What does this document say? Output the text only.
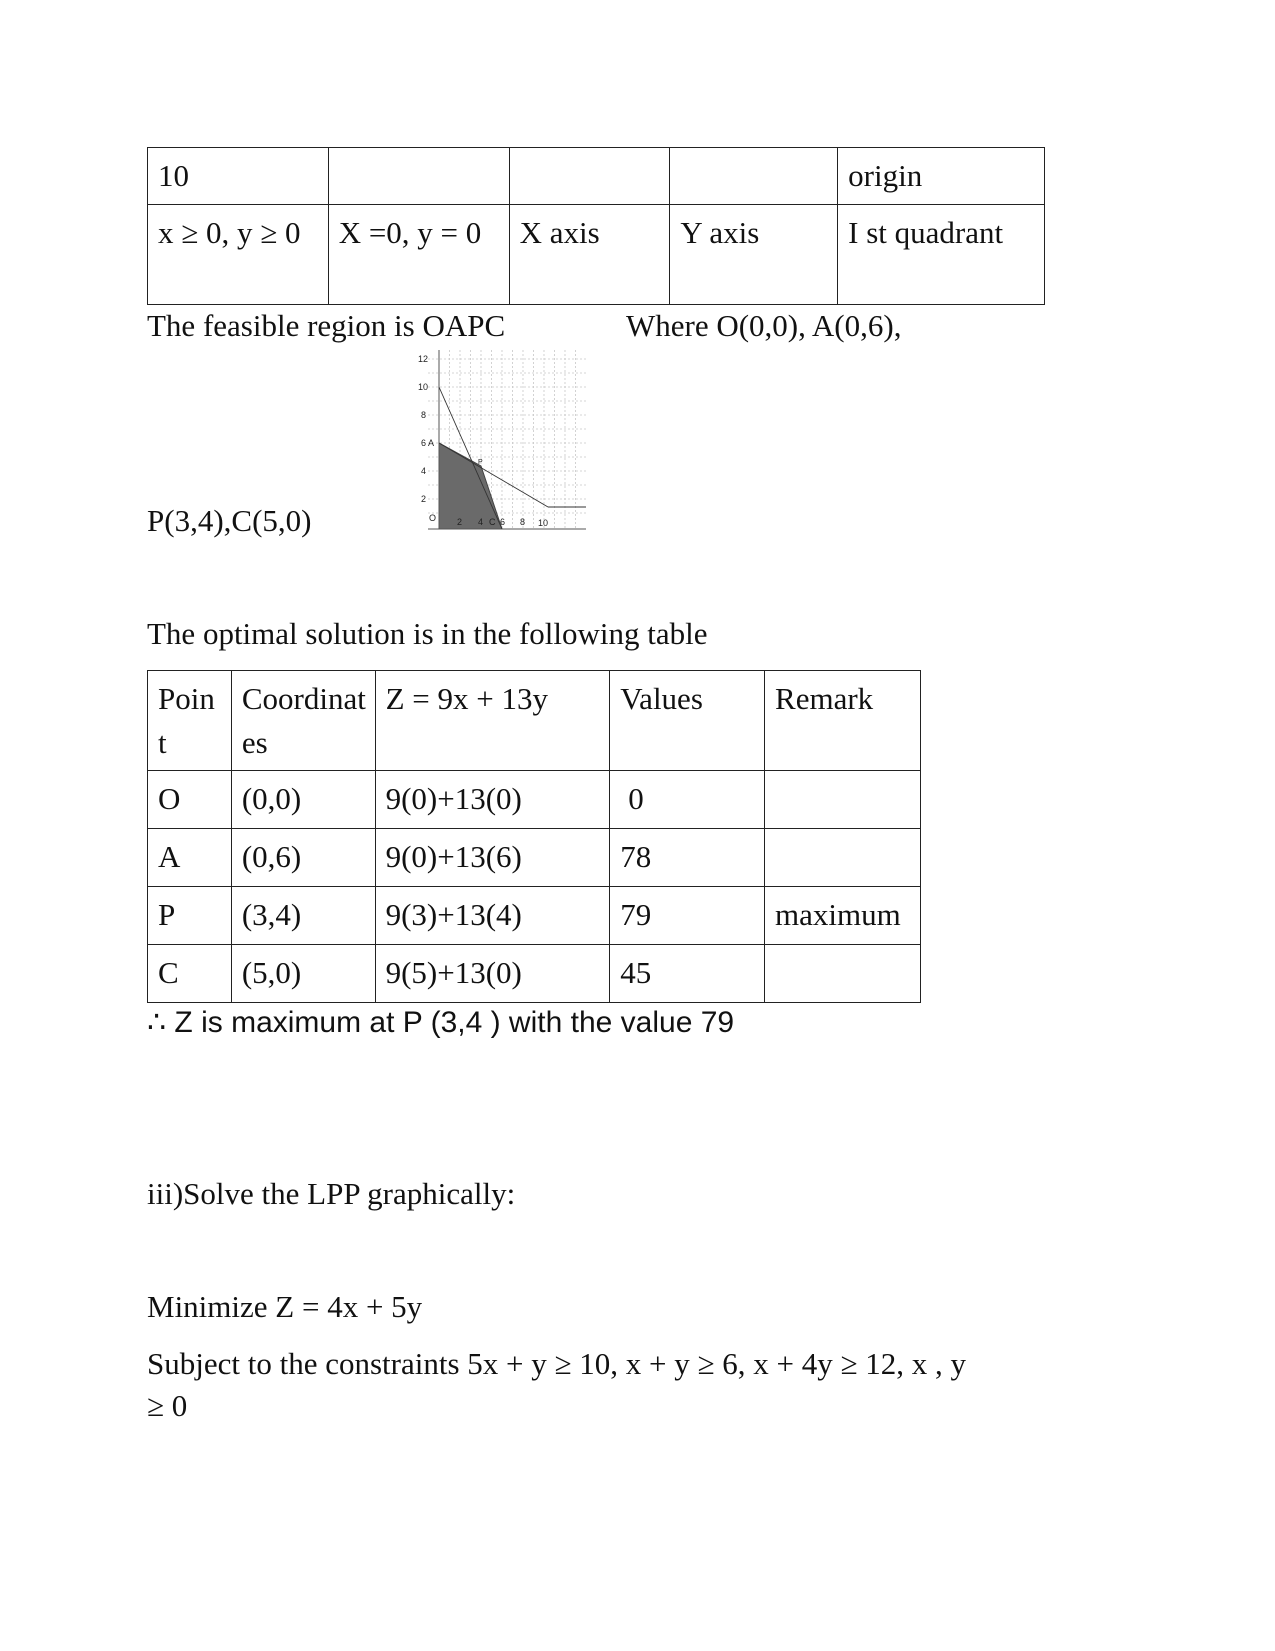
10				origin
x ≥ 0, y ≥ 0	X =0, y = 0	X axis	Y axis	I st quadrant
The feasible region is OAPC	Where O(0,0), A(0,6),
P(3,4),C(5,0)
12
10
8
6
4
2
2 4 6 8 10
O
A
P
C
The optimal solution is in the following table
Point	Coordinates	Z = 9x + 13y	Values	Remark
O	(0,0)	9(0)+13(0)	0	
A	(0,6)	9(0)+13(6)	78	
P	(3,4)	9(3)+13(4)	79	maximum
C	(5,0)	9(5)+13(0)	45	
∴ Z is maximum at P (3,4 ) with the value 79
iii)Solve the LPP graphically:
Minimize Z = 4x + 5y
Subject to the constraints 5x + y ≥ 10, x + y ≥ 6, x + 4y ≥ 12, x , y
≥ 0
